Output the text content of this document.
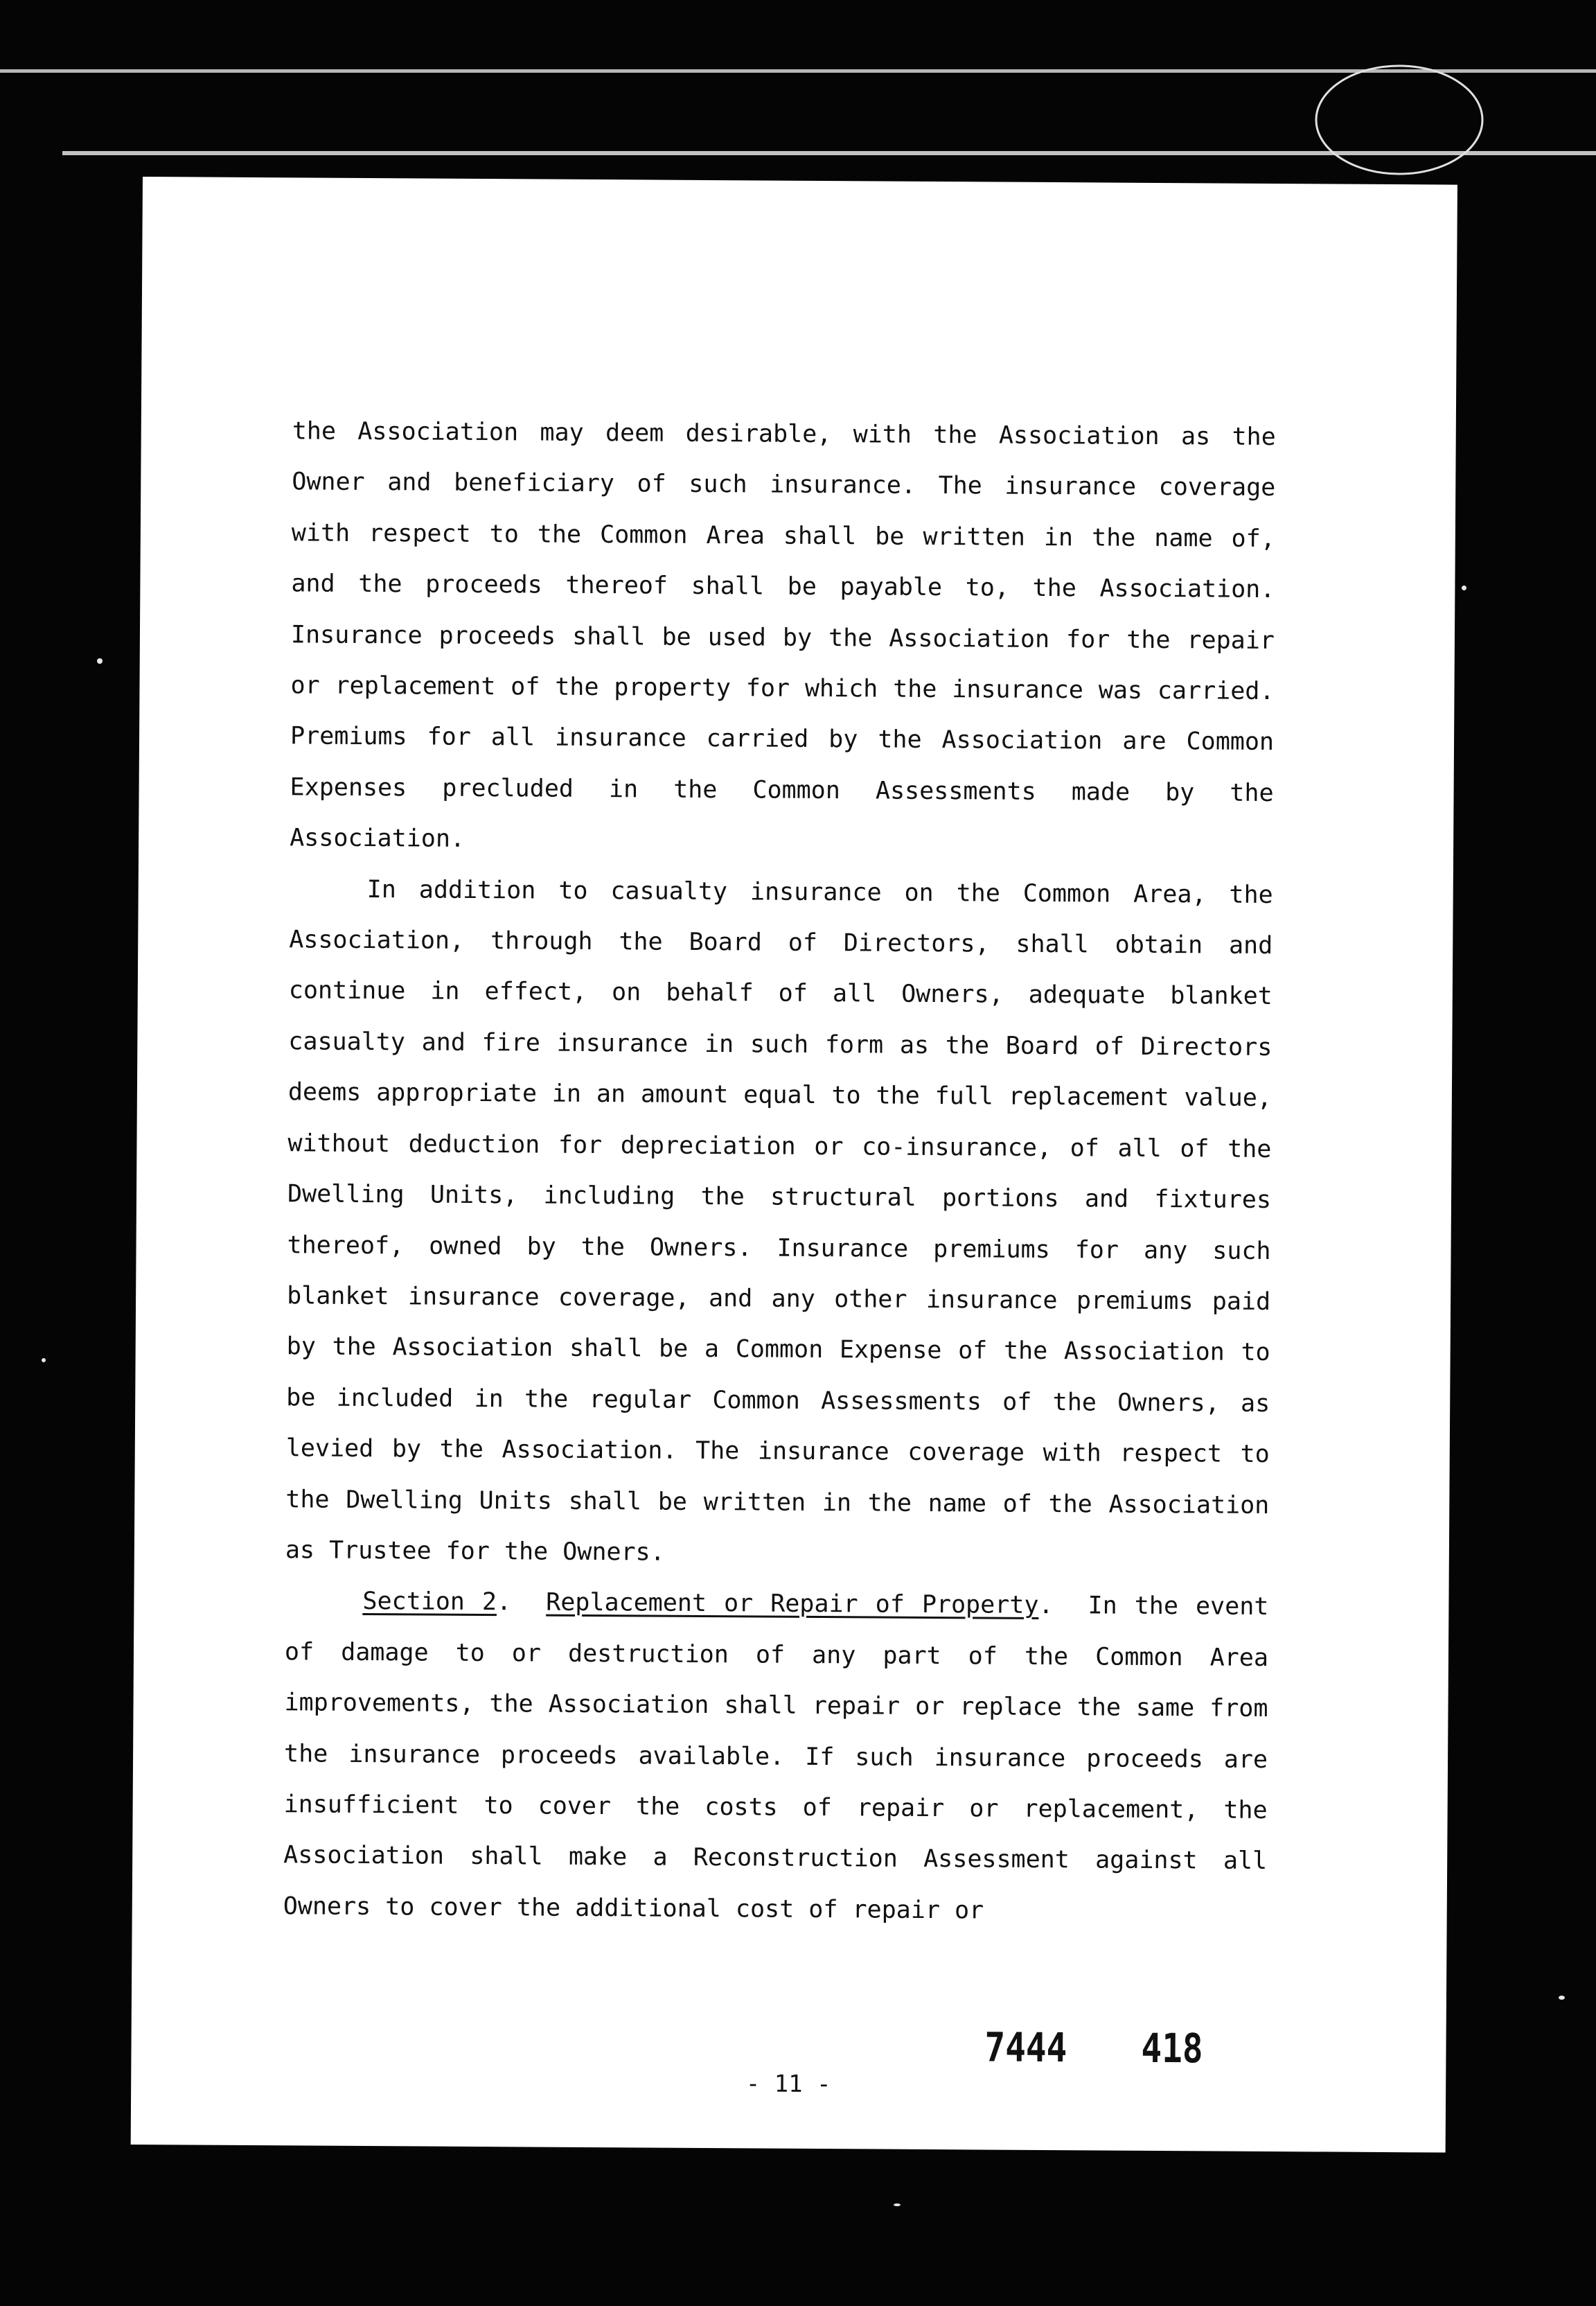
the Association may deem desirable, with the Association as the Owner and beneficiary of such insurance. The insurance coverage with respect to the Common Area shall be written in the name of, and the proceeds thereof shall be payable to, the Association. Insurance proceeds shall be used by the Association for the repair or replacement of the property for which the insurance was carried. Premiums for all insurance carried by the Association are Common Expenses precluded in the Common Assessments made by the Association.

In addition to casualty insurance on the Common Area, the Association, through the Board of Directors, shall obtain and continue in effect, on behalf of all Owners, adequate blanket casualty and fire insurance in such form as the Board of Directors deems appropriate in an amount equal to the full replacement value, without deduction for depreciation or co-insurance, of all of the Dwelling Units, including the structural portions and fixtures thereof, owned by the Owners. Insurance premiums for any such blanket insurance coverage, and any other insurance premiums paid by the Association shall be a Common Expense of the Association to be included in the regular Common Assessments of the Owners, as levied by the Association. The insurance coverage with respect to the Dwelling Units shall be written in the name of the Association as Trustee for the Owners.

Section 2.  Replacement or Repair of Property.  In the event of damage to or destruction of any part of the Common Area improvements, the Association shall repair or replace the same from the insurance proceeds available. If such insurance proceeds are insufficient to cover the costs of repair or replacement, the Association shall make a Reconstruction Assessment against all Owners to cover the additional cost of repair or

7444 418
- 11 -
